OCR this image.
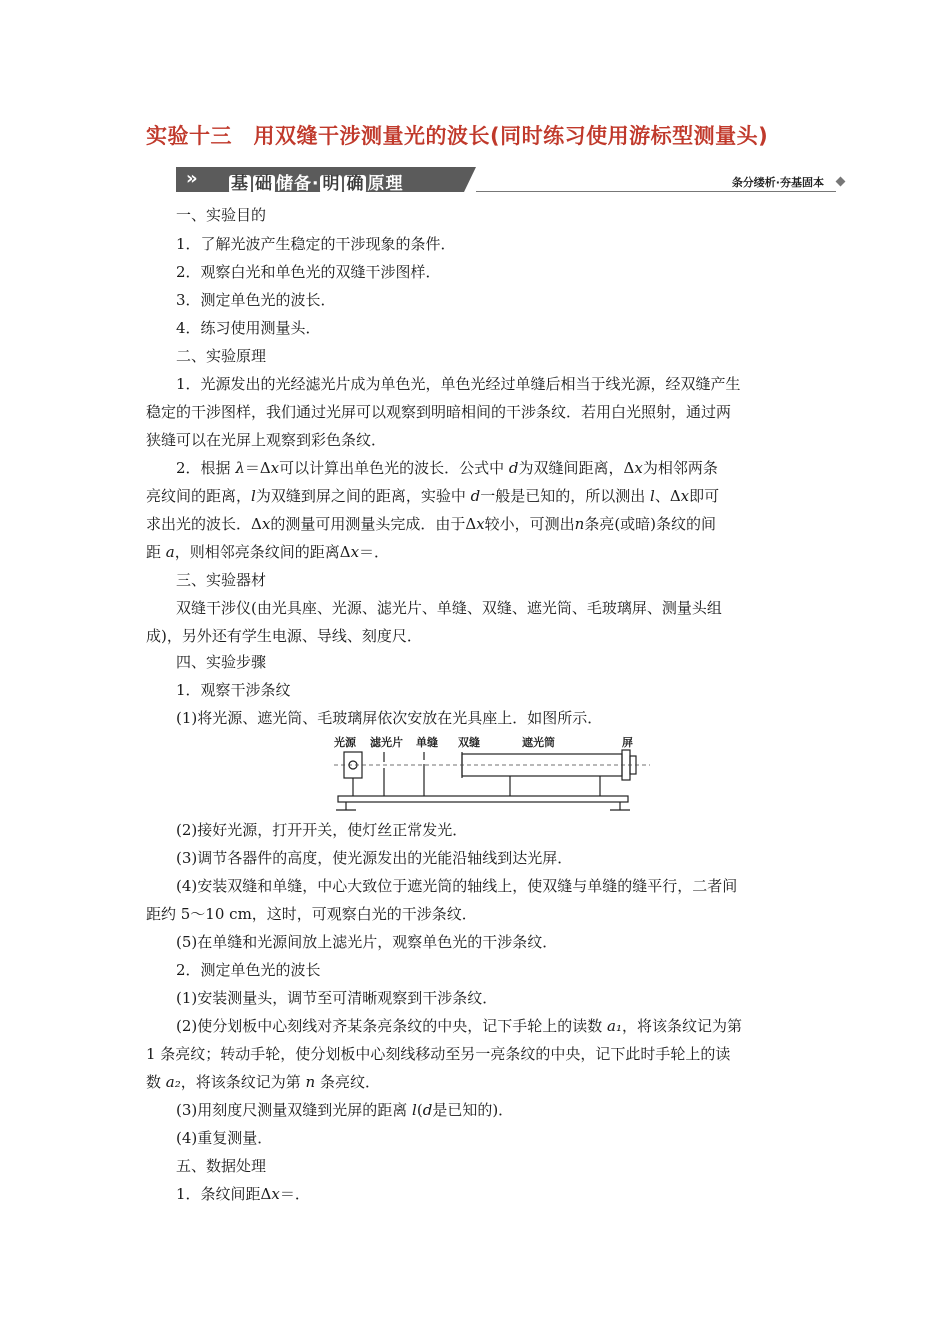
实验十三　用双缝干涉测量光的波长(同时练习使用游标型测量头)
» 基 础 储备· 明 确 原理	条分缕析·夯基固本
一、实验目的
1．了解光波产生稳定的干涉现象的条件．
2．观察白光和单色光的双缝干涉图样．
3．测定单色光的波长．
4．练习使用测量头．
二、实验原理
1．光源发出的光经滤光片成为单色光，单色光经过单缝后相当于线光源，经双缝产生
稳定的干涉图样，我们通过光屏可以观察到明暗相间的干涉条纹．若用白光照射，通过两
狭缝可以在光屏上观察到彩色条纹．
2．根据 λ＝Δx可以计算出单色光的波长．公式中 d为双缝间距离，Δx为相邻两条
亮纹间的距离，l为双缝到屏之间的距离，实验中 d一般是已知的，所以测出 l、Δx即可
求出光的波长．Δx的测量可用测量头完成．由于Δx较小，可测出n条亮(或暗)条纹的间
距 a，则相邻亮条纹间的距离Δx＝．
三、实验器材
双缝干涉仪(由光具座、光源、滤光片、单缝、双缝、遮光筒、毛玻璃屏、测量头组
成)，另外还有学生电源、导线、刻度尺．
四、实验步骤
1．观察干涉条纹
(1)将光源、遮光筒、毛玻璃屏依次安放在光具座上．如图所示．
光源 滤光片 单缝 双缝	遮光筒	屏
(2)接好光源，打开开关，使灯丝正常发光．
(3)调节各器件的高度，使光源发出的光能沿轴线到达光屏．
(4)安装双缝和单缝，中心大致位于遮光筒的轴线上，使双缝与单缝的缝平行，二者间
距约 5～10 cm，这时，可观察白光的干涉条纹．
(5)在单缝和光源间放上滤光片，观察单色光的干涉条纹．
2．测定单色光的波长
(1)安装测量头，调节至可清晰观察到干涉条纹．
(2)使分划板中心刻线对齐某条亮条纹的中央，记下手轮上的读数 a₁，将该条纹记为第
1 条亮纹；转动手轮，使分划板中心刻线移动至另一亮条纹的中央，记下此时手轮上的读
数 a₂，将该条纹记为第 n 条亮纹．
(3)用刻度尺测量双缝到光屏的距离 l(d是已知的)．
(4)重复测量．
五、数据处理
1．条纹间距Δx＝．
